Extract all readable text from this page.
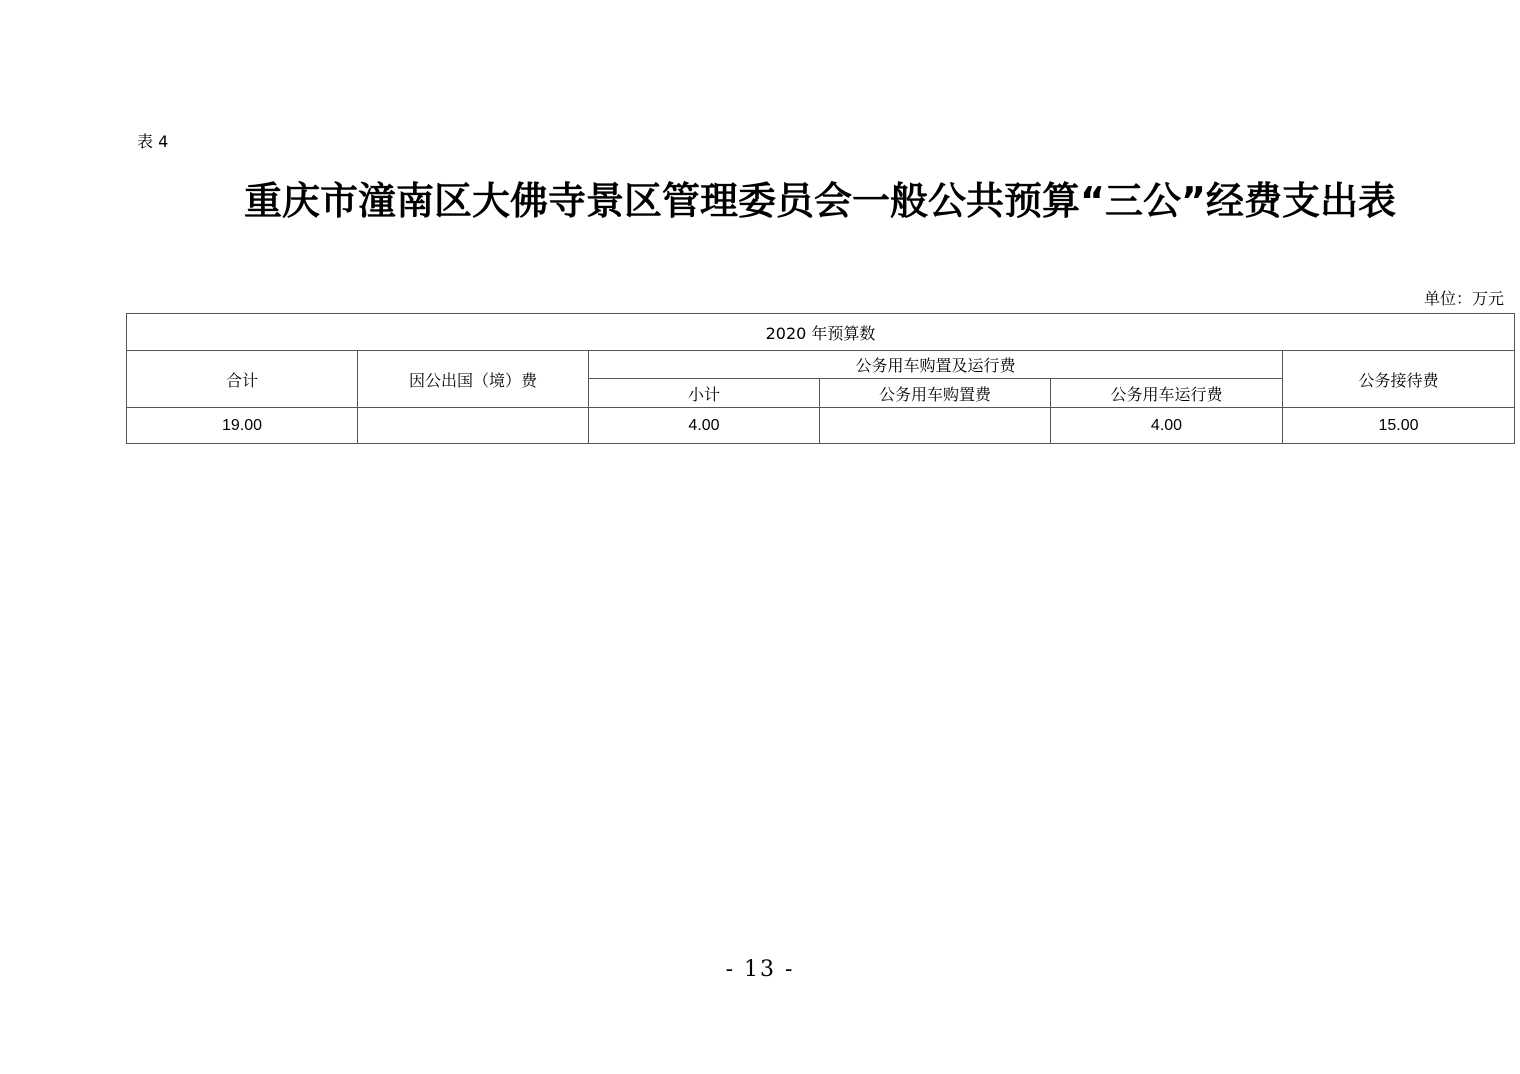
表 4
重庆市潼南区大佛寺景区管理委员会一般公共预算“三公”经费支出表
单位：万元
2020 年预算数					
合计	因公出国（境）费	公务用车购置及运行费			公务接待费
		小计	公务用车购置费	公务用车运行费	
19.00		4.00		4.00	15.00
- 13 -
